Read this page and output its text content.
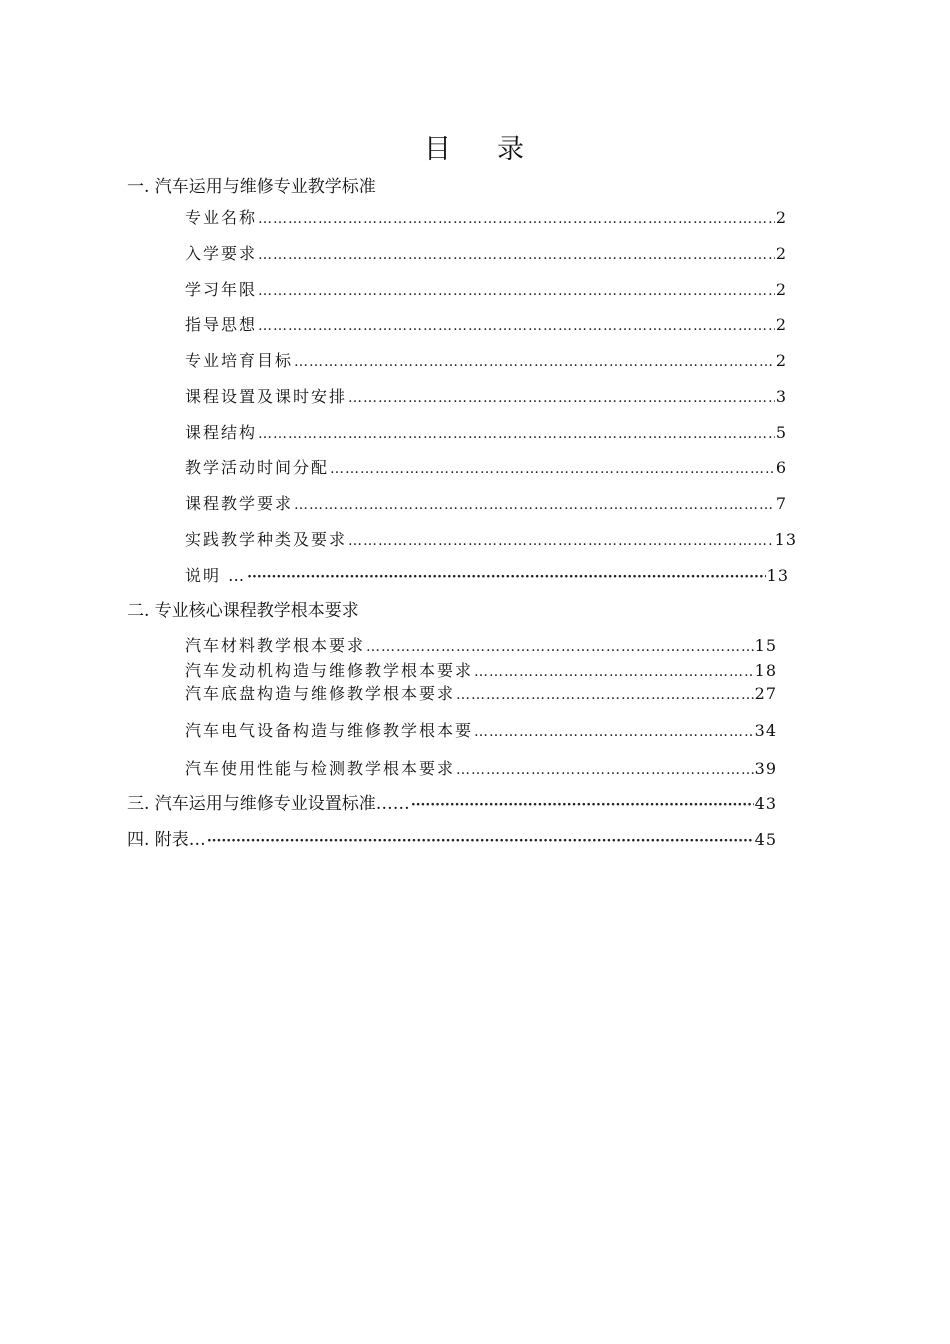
目 录
一. 汽车运用与维修专业教学标准
专业名称 ………………………………………………………………………………………………………………………………………………………………………………	2
入学要求 ………………………………………………………………………………………………………………………………………………………………………………	2
学习年限 ………………………………………………………………………………………………………………………………………………………………………………	2
指导思想 ………………………………………………………………………………………………………………………………………………………………………………	2
专业培育目标 ………………………………………………………………………………………………………………………………………………………………………………	2
课程设置及课时安排 ………………………………………………………………………………………………………………………………………………………………………………	3
课程结构 ………………………………………………………………………………………………………………………………………………………………………………	5
教学活动时间分配 ………………………………………………………………………………………………………………………………………………………………………………	6
课程教学要求 ………………………………………………………………………………………………………………………………………………………………………………	7
实践教学种类及要求 ………………………………………………………………………………………………………………………………………………………………………………	13
说明 … ·····	13
二. 专业核心课程教学根本要求
汽车材料教学根本要求 ………………………………………………………………………………………………………………………………………………………………………………	15
汽车发动机构造与维修教学根本要求 ………………………………………………………………………………………………………………………………………………………………………………	18
汽车底盘构造与维修教学根本要求 ………………………………………………………………………………………………………………………………………………………………………………	27
汽车电气设备构造与维修教学根本要 ………………………………………………………………………………………………………………………………………………………………………………	34
汽车使用性能与检测教学根本要求 ………………………………………………………………………………………………………………………………………………………………………………	39
三. 汽车运用与维修专业设置标准…… ·····	43
四. 附表… ·····	45
